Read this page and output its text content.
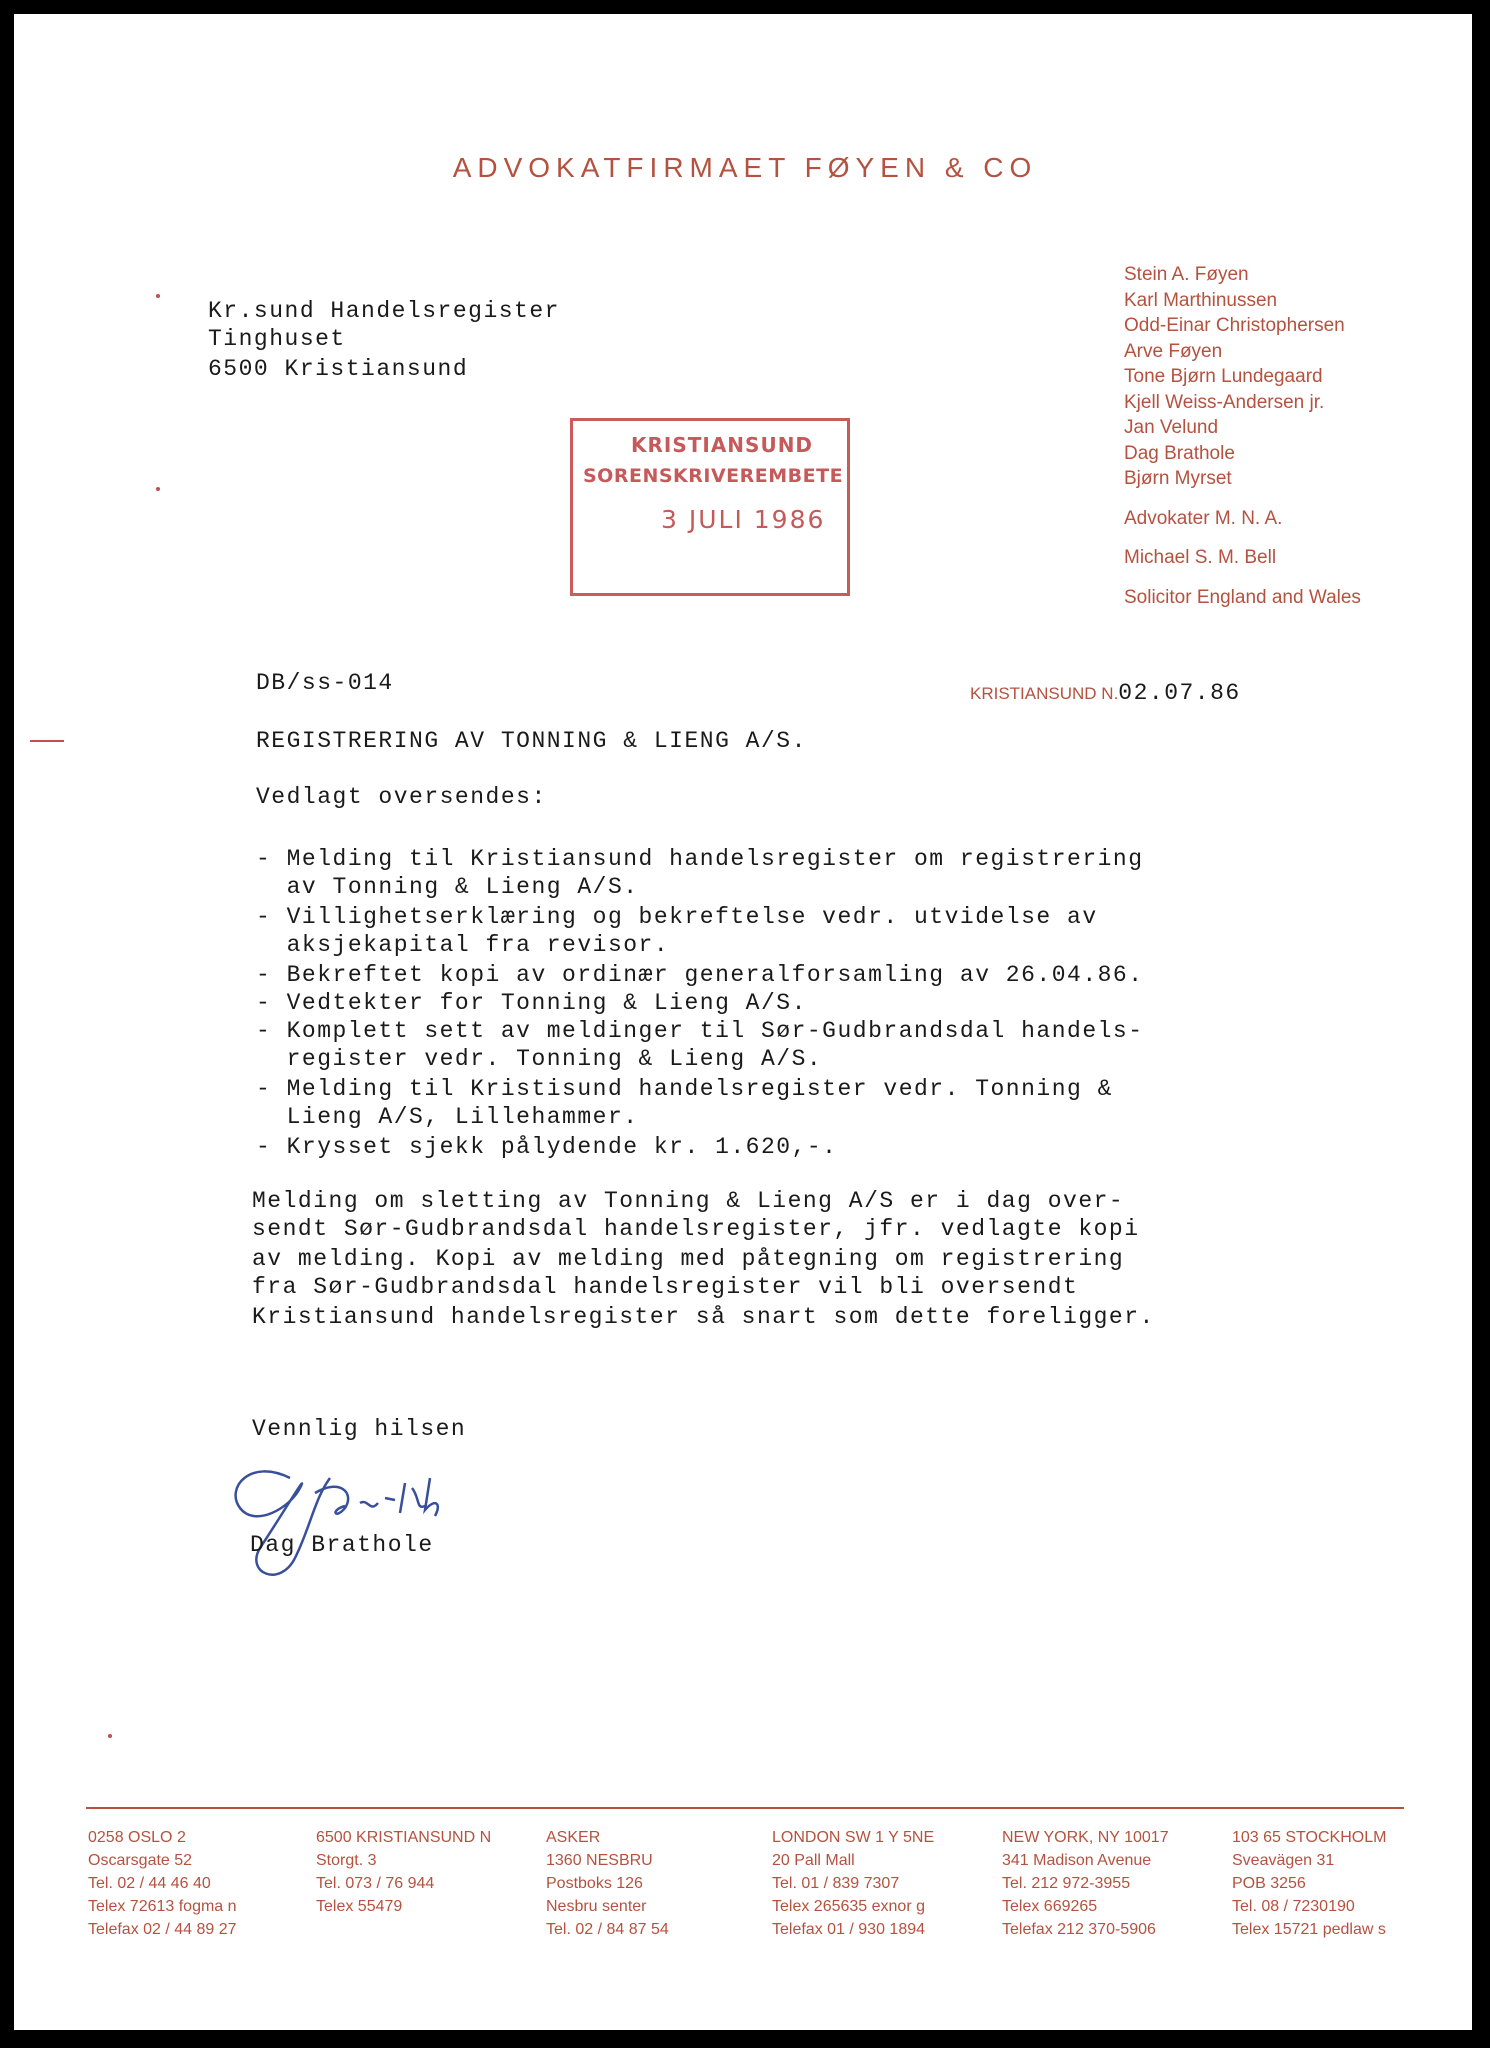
ADVOKATFIRMAET FØYEN & CO
Stein A. Føyen
Karl Marthinussen
Odd-Einar Christophersen
Arve Føyen
Tone Bjørn Lundegaard
Kjell Weiss-Andersen jr.
Jan Velund
Dag Brathole
Bjørn Myrset
Advokater M. N. A.
Michael S. M. Bell
Solicitor England and Wales
Kr.sund Handelsregister
Tinghuset
6500 Kristiansund
KRISTIANSUND
SORENSKRIVEREMBETE
3 JULI 1986
DB/ss-014	KRISTIANSUND N.02.07.86
REGISTRERING AV TONNING & LIENG A/S.
Vedlagt oversendes:
- Melding til Kristiansund handelsregister om registrering
av Tonning & Lieng A/S.
- Villighetserklæring og bekreftelse vedr. utvidelse av
aksjekapital fra revisor.
- Bekreftet kopi av ordinær generalforsamling av 26.04.86.
- Vedtekter for Tonning & Lieng A/S.
- Komplett sett av meldinger til Sør-Gudbrandsdal handels-
register vedr. Tonning & Lieng A/S.
- Melding til Kristisund handelsregister vedr. Tonning &
Lieng A/S, Lillehammer.
- Krysset sjekk pålydende kr. 1.620,-.
Melding om sletting av Tonning & Lieng A/S er i dag over-
sendt Sør-Gudbrandsdal handelsregister, jfr. vedlagte kopi
av melding. Kopi av melding med påtegning om registrering
fra Sør-Gudbrandsdal handelsregister vil bli oversendt
Kristiansund handelsregister så snart som dette foreligger.
Vennlig hilsen
Dag Brathole
0258 OSLO 2
Oscarsgate 52
Tel. 02 / 44 46 40
Telex 72613 fogma n
Telefax 02 / 44 89 27
6500 KRISTIANSUND N
Storgt. 3
Tel. 073 / 76 944
Telex 55479
ASKER
1360 NESBRU
Postboks 126
Nesbru senter
Tel. 02 / 84 87 54
LONDON SW 1 Y 5NE
20 Pall Mall
Tel. 01 / 839 7307
Telex 265635 exnor g
Telefax 01 / 930 1894
NEW YORK, NY 10017
341 Madison Avenue
Tel. 212 972-3955
Telex 669265
Telefax 212 370-5906
103 65 STOCKHOLM
Sveavägen 31
POB 3256
Tel. 08 / 7230190
Telex 15721 pedlaw s
